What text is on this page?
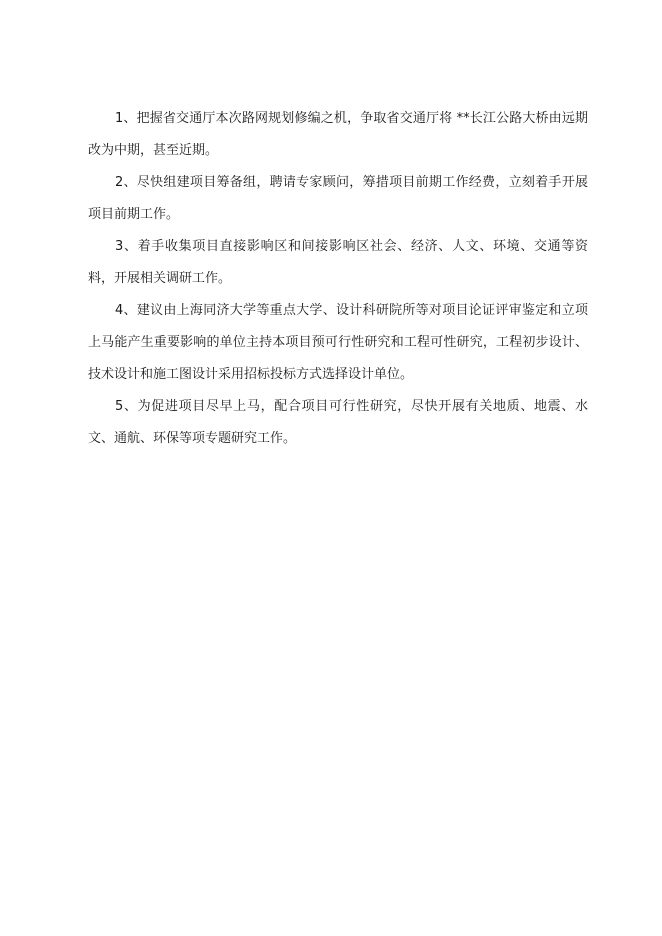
1、把握省交通厅本次路网规划修编之机，争取省交通厅将 **长江公路大桥由远期改为中期，甚至近期。

2、尽快组建项目筹备组，聘请专家顾问，筹措项目前期工作经费，立刻着手开展项目前期工作。

3、着手收集项目直接影响区和间接影响区社会、经济、人文、环境、交通等资料，开展相关调研工作。

4、建议由上海同济大学等重点大学、设计科研院所等对项目论证评审鉴定和立项上马能产生重要影响的单位主持本项目预可行性研究和工程可性研究，工程初步设计、技术设计和施工图设计采用招标投标方式选择设计单位。

5、为促进项目尽早上马，配合项目可行性研究，尽快开展有关地质、地震、水文、通航、环保等项专题研究工作。
